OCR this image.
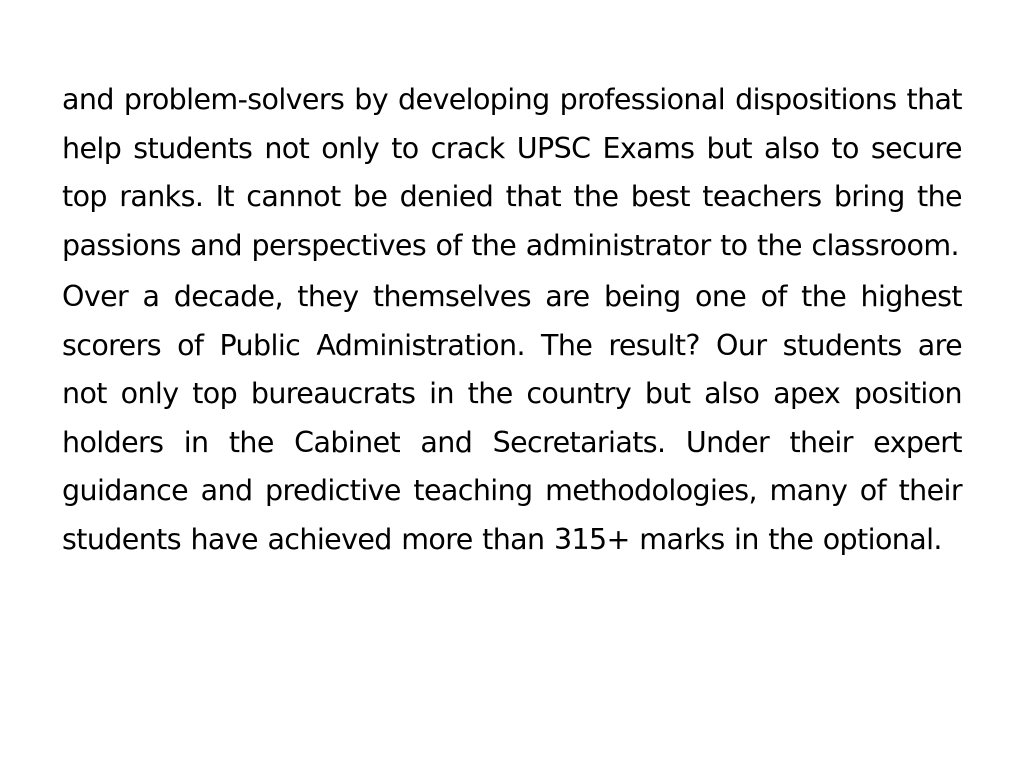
and problem-solvers by developing professional dispositions that help students not only to crack UPSC Exams but also to secure top ranks. It cannot be denied that the best teachers bring the passions and perspectives of the administrator to the classroom.

Over a decade, they themselves are being one of the highest scorers of Public Administration. The result? Our students are not only top bureaucrats in the country but also apex position holders in the Cabinet and Secretariats. Under their expert guidance and predictive teaching methodologies, many of their students have achieved more than 315+ marks in the optional.
